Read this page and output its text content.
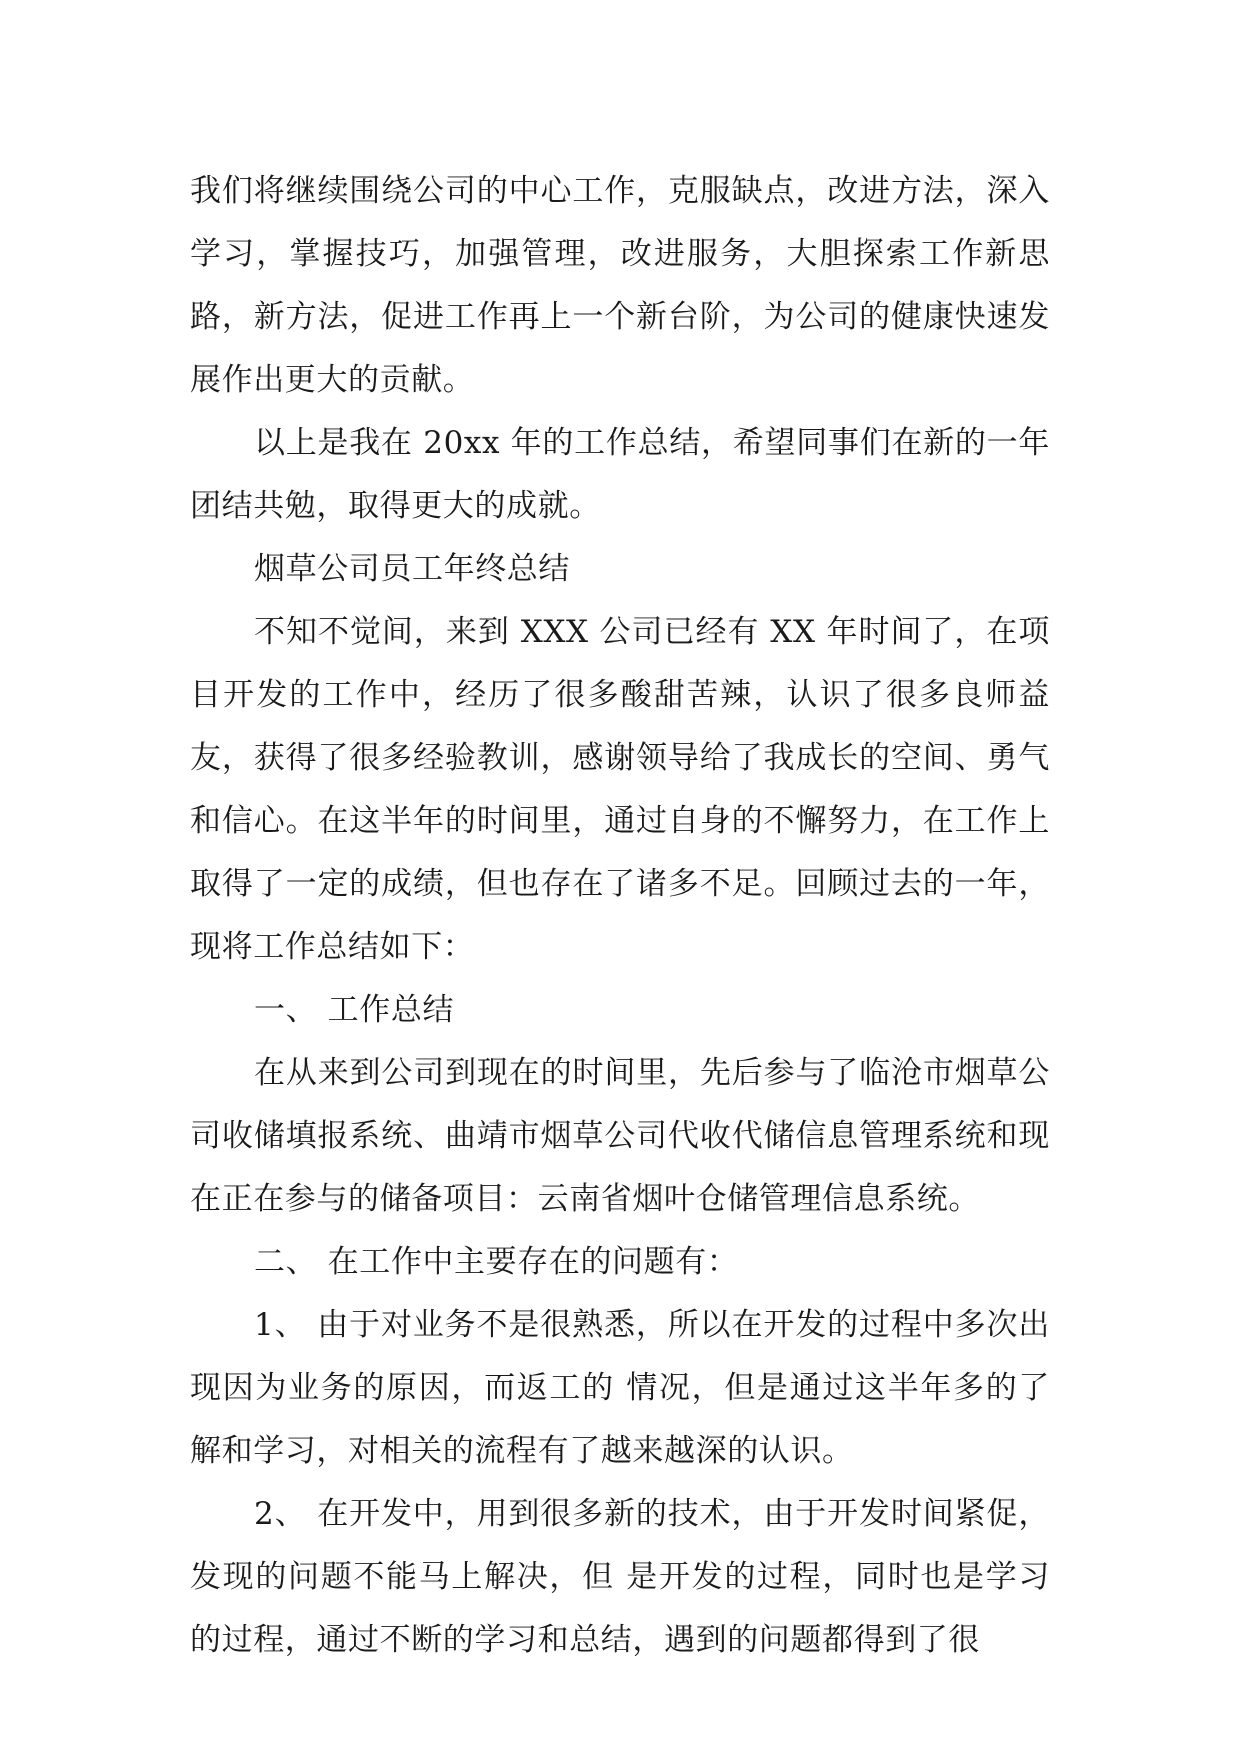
我们将继续围绕公司的中心工作，克服缺点，改进方法，深入学习，掌握技巧，加强管理，改进服务，大胆探索工作新思路，新方法，促进工作再上一个新台阶，为公司的健康快速发展作出更大的贡献。

以上是我在 20xx 年的工作总结，希望同事们在新的一年团结共勉，取得更大的成就。

烟草公司员工年终总结

不知不觉间，来到 XXX 公司已经有 XX 年时间了，在项目开发的工作中，经历了很多酸甜苦辣，认识了很多良师益友，获得了很多经验教训，感谢领导给了我成长的空间、勇气和信心。在这半年的时间里，通过自身的不懈努力，在工作上取得了一定的成绩，但也存在了诸多不足。回顾过去的一年，现将工作总结如下：

一、 工作总结

在从来到公司到现在的时间里，先后参与了临沧市烟草公司收储填报系统、曲靖市烟草公司代收代储信息管理系统和现在正在参与的储备项目：云南省烟叶仓储管理信息系统。

二、 在工作中主要存在的问题有：

1、 由于对业务不是很熟悉，所以在开发的过程中多次出现因为业务的原因，而返工的 情况，但是通过这半年多的了解和学习，对相关的流程有了越来越深的认识。

2、 在开发中，用到很多新的技术，由于开发时间紧促，发现的问题不能马上解决，但 是开发的过程，同时也是学习的过程，通过不断的学习和总结，遇到的问题都得到了很
